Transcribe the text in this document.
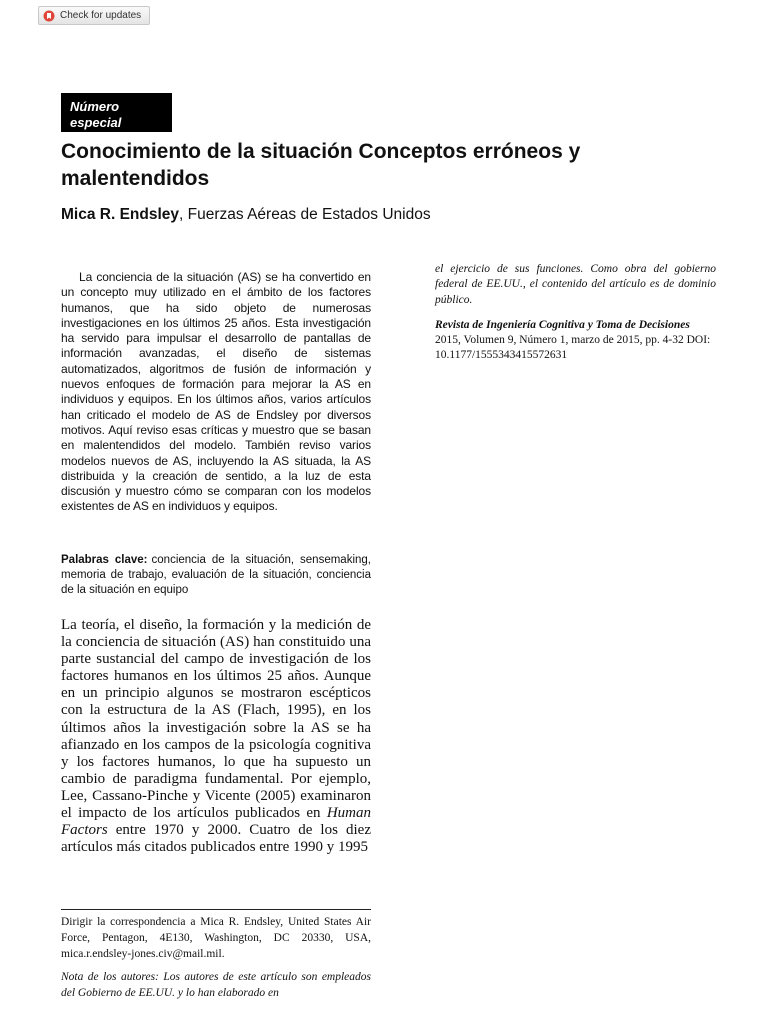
Check for updates
Número
especial
Conocimiento de la situación Conceptos erróneos y malentendidos
Mica R. Endsley, Fuerzas Aéreas de Estados Unidos

La conciencia de la situación (AS) se ha convertido en un concepto muy utilizado en el ámbito de los factores humanos, que ha sido objeto de numerosas investigaciones en los últimos 25 años. Esta investigación ha servido para impulsar el desarrollo de pantallas de información avanzadas, el diseño de sistemas automatizados, algoritmos de fusión de información y nuevos enfoques de formación para mejorar la AS en individuos y equipos. En los últimos años, varios artículos han criticado el modelo de AS de Endsley por diversos motivos. Aquí reviso esas críticas y muestro que se basan en malentendidos del modelo. También reviso varios modelos nuevos de AS, incluyendo la AS situada, la AS distribuida y la creación de sentido, a la luz de esta discusión y muestro cómo se comparan con los modelos existentes de AS en individuos y equipos.

Palabras clave: conciencia de la situación, sensemaking, memoria de trabajo, evaluación de la situación, conciencia de la situación en equipo

La teoría, el diseño, la formación y la medición de la conciencia de situación (AS) han constituido una parte sustancial del campo de investigación de los factores humanos en los últimos 25 años. Aunque en un principio algunos se mostraron escépticos con la estructura de la AS (Flach, 1995), en los últimos años la investigación sobre la AS se ha afianzado en los campos de la psicología cognitiva y los factores humanos, lo que ha supuesto un cambio de paradigma fundamental. Por ejemplo, Lee, Cassano-Pinche y Vicente (2005) examinaron el impacto de los artículos publicados en Human Factors entre 1970 y 2000. Cuatro de los diez artículos más citados publicados entre 1990 y 1995

Dirigir la correspondencia a Mica R. Endsley, United States Air Force, Pentagon, 4E130, Washington, DC 20330, USA, mica.r.endsley-jones.civ@mail.mil.

Nota de los autores: Los autores de este artículo son empleados del Gobierno de EE.UU. y lo han elaborado en

el ejercicio de sus funciones. Como obra del gobierno federal de EE.UU., el contenido del artículo es de dominio público.

Revista de Ingeniería Cognitiva y Toma de Decisiones
2015, Volumen 9, Número 1, marzo de 2015, pp. 4-32 DOI: 10.1177/1555343415572631
